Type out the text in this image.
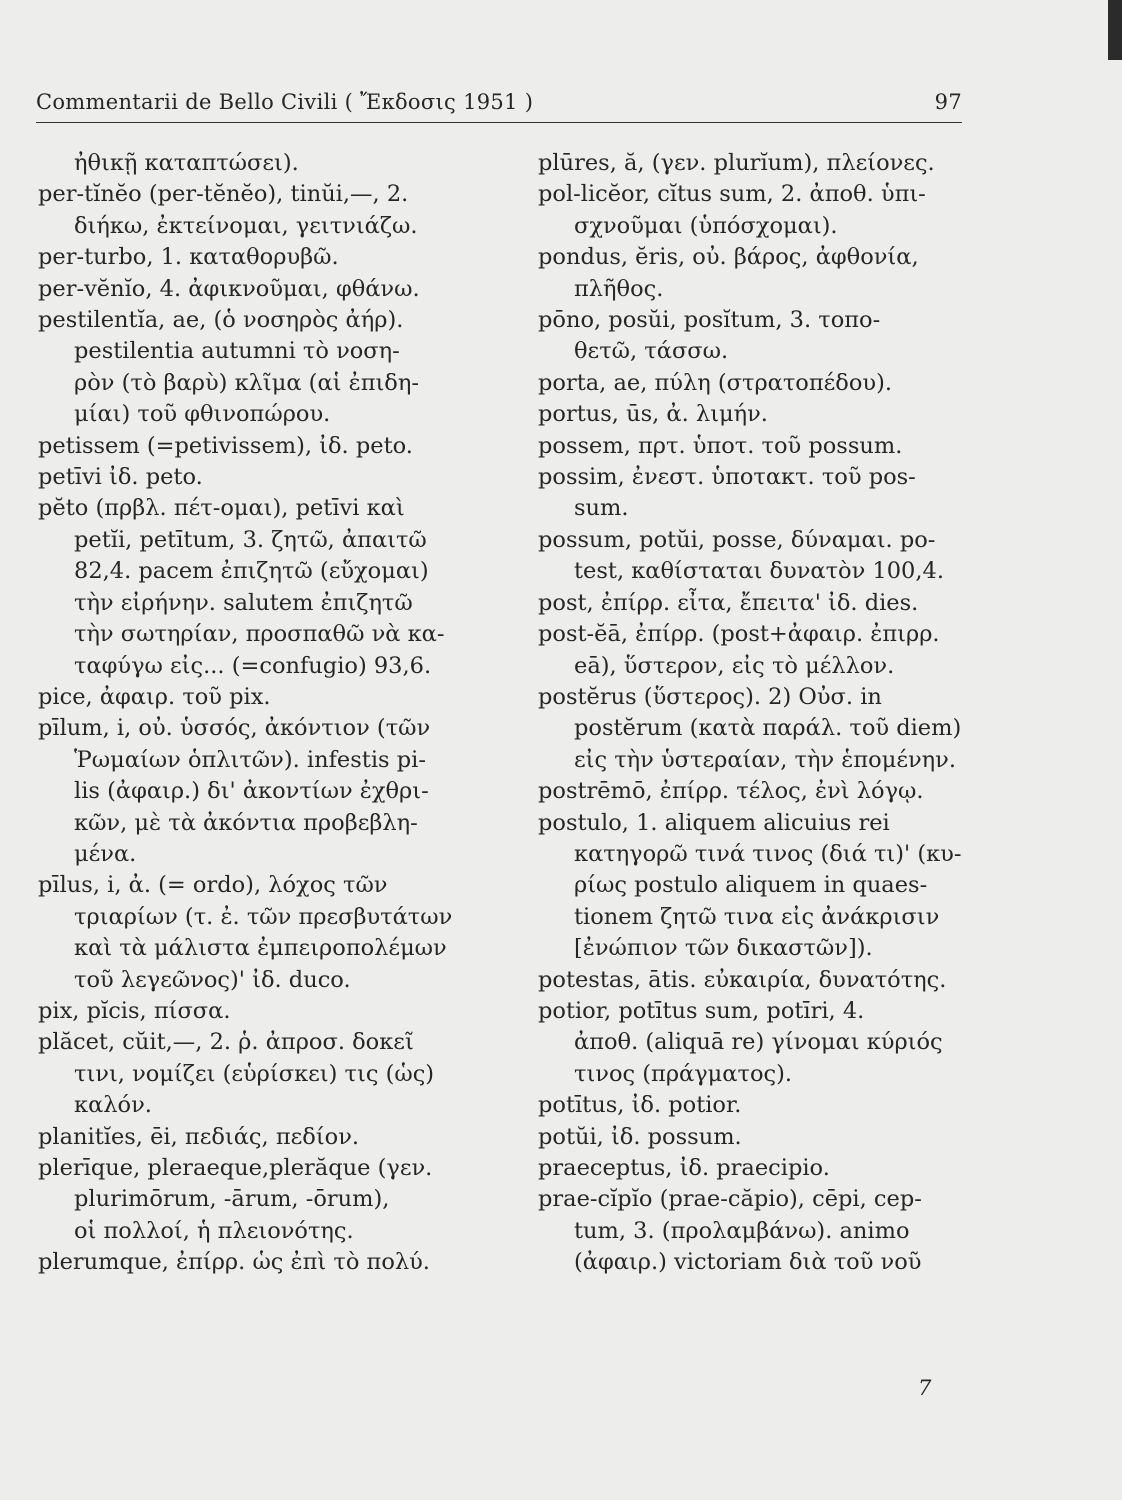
Commentarii de Bello Civili ( Ἔκδοσις 1951 )	97
ἠθικῇ καταπτώσει).
per-tĭnĕo (per-tĕnĕo), tinŭi,—, 2.
διήκω, ἐκτείνομαι, γειτνιάζω.
per-turbo, 1. καταθορυβῶ.
per-vĕnĭo, 4. ἀφικνοῦμαι, φθάνω.
pestilentĭa, ae, (ὁ νοσηρὸς ἀήρ).
pestilentia autumni τὸ νοση-
ρὸν (τὸ βαρὺ) κλῖμα (αἱ ἐπιδη-
μίαι) τοῦ φθινοπώρου.
petissem (=petivissem), ἰδ. peto.
petīvi ἰδ. peto.
pĕto (πρβλ. πέτ-ομαι), petīvi καὶ
petĭi, petītum, 3. ζητῶ, ἀπαιτῶ
82,4. pacem ἐπιζητῶ (εὔχομαι)
τὴν εἰρήνην. salutem ἐπιζητῶ
τὴν σωτηρίαν, προσπαθῶ νὰ κα-
ταφύγω εἰς... (=confugio) 93,6.
pice, ἀφαιρ. τοῦ pix.
pīlum, i, οὐ. ὑσσός, ἀκόντιον (τῶν
Ῥωμαίων ὁπλιτῶν). infestis pi-
lis (ἀφαιρ.) δι' ἀκοντίων ἐχθρι-
κῶν, μὲ τὰ ἀκόντια προβεβλη-
μένα.
pīlus, i, ἀ. (= ordo), λόχος τῶν
τριαρίων (τ. ἐ. τῶν πρεσβυτάτων
καὶ τὰ μάλιστα ἐμπειροπολέμων
τοῦ λεγεῶνος)' ἰδ. duco.
pix, pĭcis, πίσσα.
plăcet, cŭit,—, 2. ῥ. ἀπροσ. δοκεῖ
τινι, νομίζει (εὑρίσκει) τις (ὡς)
καλόν.
planitĭes, ēi, πεδιάς, πεδίον.
plerīque, pleraeque,plerăque (γεν.
plurimōrum, -ārum, -ōrum),
οἱ πολλοί, ἡ πλειονότης.
plerumque, ἐπίρρ. ὡς ἐπὶ τὸ πολύ.
plūres, ă, (γεν. plurĭum), πλείονες.
pol-licĕor, cĭtus sum, 2. ἀποθ. ὑπι-
σχνοῦμαι (ὑπόσχομαι).
pondus, ĕris, οὐ. βάρος, ἀφθονία,
πλῆθος.
pōno, posŭi, posĭtum, 3. τοπο-
θετῶ, τάσσω.
porta, ae, πύλη (στρατοπέδου).
portus, ūs, ἀ. λιμήν.
possem, πρτ. ὑποτ. τοῦ possum.
possim, ἐνεστ. ὑποτακτ. τοῦ pos-
sum.
possum, potŭi, posse, δύναμαι. po-
test, καθίσταται δυνατὸν 100,4.
post, ἐπίρρ. εἶτα, ἔπειτα' ἰδ. dies.
post-ĕā, ἐπίρρ. (post+ἀφαιρ. ἐπιρρ.
eā), ὕστερον, εἰς τὸ μέλλον.
postĕrus (ὕστερος). 2) Οὐσ. in
postĕrum (κατὰ παράλ. τοῦ diem)
εἰς τὴν ὑστεραίαν, τὴν ἑπομένην.
postrēmō, ἐπίρρ. τέλος, ἐνὶ λόγῳ.
postulo, 1. aliquem alicuius rei
κατηγορῶ τινά τινος (διά τι)' (κυ-
ρίως postulo aliquem in quaes-
tionem ζητῶ τινα εἰς ἀνάκρισιν
[ἐνώπιον τῶν δικαστῶν]).
potestas, ātis. εὐκαιρία, δυνατότης.
potior, potītus sum, potīri, 4.
ἀποθ. (aliquā re) γίνομαι κύριός
τινος (πράγματος).
potītus, ἰδ. potior.
potŭi, ἰδ. possum.
praeceptus, ἰδ. praecipio.
prae-cĭpĭo (prae-căpio), cēpi, cep-
tum, 3. (προλαμβάνω). animo
(ἀφαιρ.) victoriam διὰ τοῦ νοῦ
7
